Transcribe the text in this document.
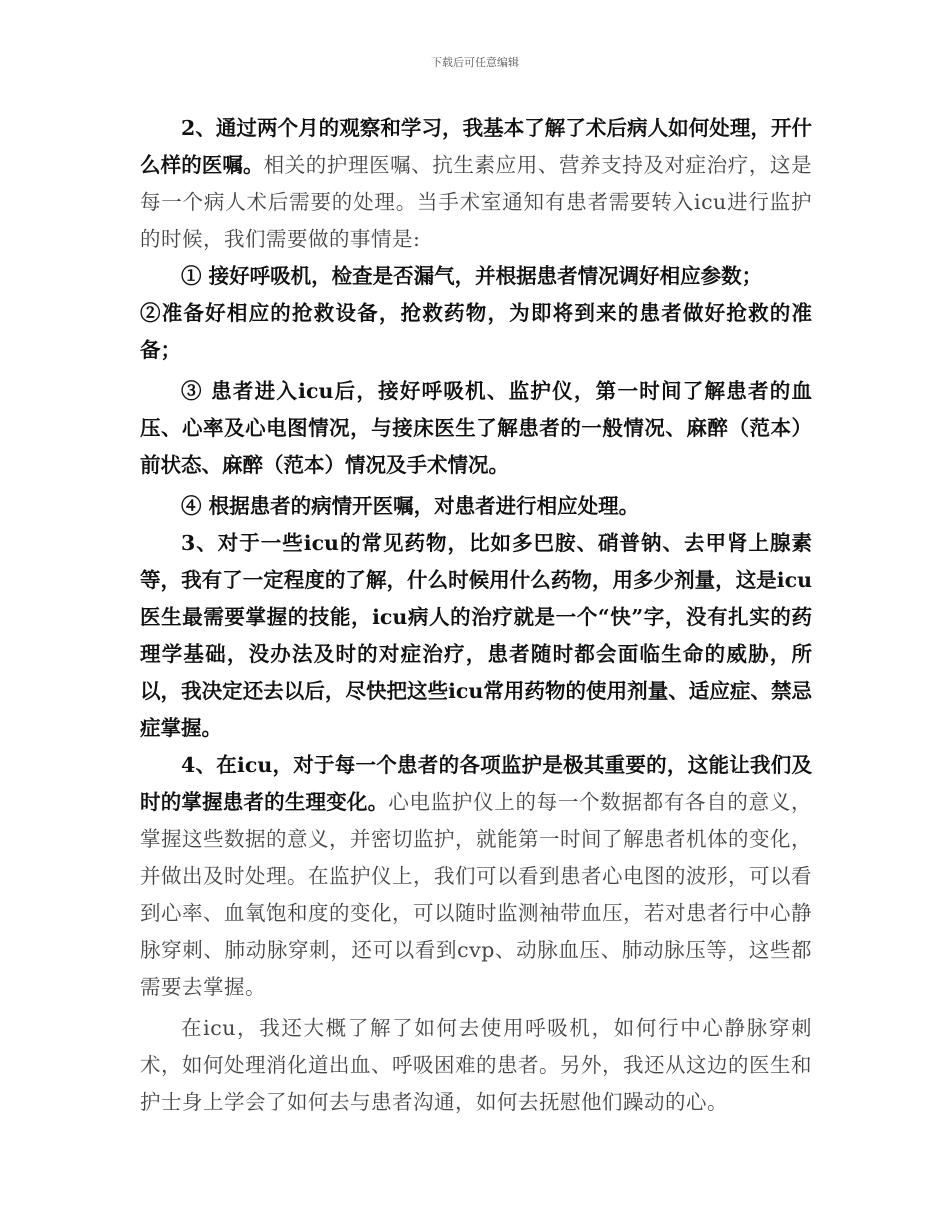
下载后可任意编辑

2、通过两个月的观察和学习，我基本了解了术后病人如何处理，开什么样的医嘱。相关的护理医嘱、抗生素应用、营养支持及对症治疗，这是每一个病人术后需要的处理。当手术室通知有患者需要转入icu进行监护的时候，我们需要做的事情是:

① 接好呼吸机，检查是否漏气，并根据患者情况调好相应参数；

②准备好相应的抢救设备，抢救药物，为即将到来的患者做好抢救的准备；

③ 患者进入icu后，接好呼吸机、监护仪，第一时间了解患者的血压、心率及心电图情况，与接床医生了解患者的一般情况、麻醉（范本）前状态、麻醉（范本）情况及手术情况。

④ 根据患者的病情开医嘱，对患者进行相应处理。

3、对于一些icu的常见药物，比如多巴胺、硝普钠、去甲肾上腺素等，我有了一定程度的了解，什么时候用什么药物，用多少剂量，这是icu医生最需要掌握的技能，icu病人的治疗就是一个“快”字，没有扎实的药理学基础，没办法及时的对症治疗，患者随时都会面临生命的威胁，所以，我决定还去以后，尽快把这些icu常用药物的使用剂量、适应症、禁忌症掌握。

4、在icu，对于每一个患者的各项监护是极其重要的，这能让我们及时的掌握患者的生理变化。心电监护仪上的每一个数据都有各自的意义，掌握这些数据的意义，并密切监护，就能第一时间了解患者机体的变化，并做出及时处理。在监护仪上，我们可以看到患者心电图的波形，可以看到心率、血氧饱和度的变化，可以随时监测袖带血压，若对患者行中心静脉穿刺、肺动脉穿刺，还可以看到cvp、动脉血压、肺动脉压等，这些都需要去掌握。

在icu，我还大概了解了如何去使用呼吸机，如何行中心静脉穿刺术，如何处理消化道出血、呼吸困难的患者。另外，我还从这边的医生和护士身上学会了如何去与患者沟通，如何去抚慰他们躁动的心。
